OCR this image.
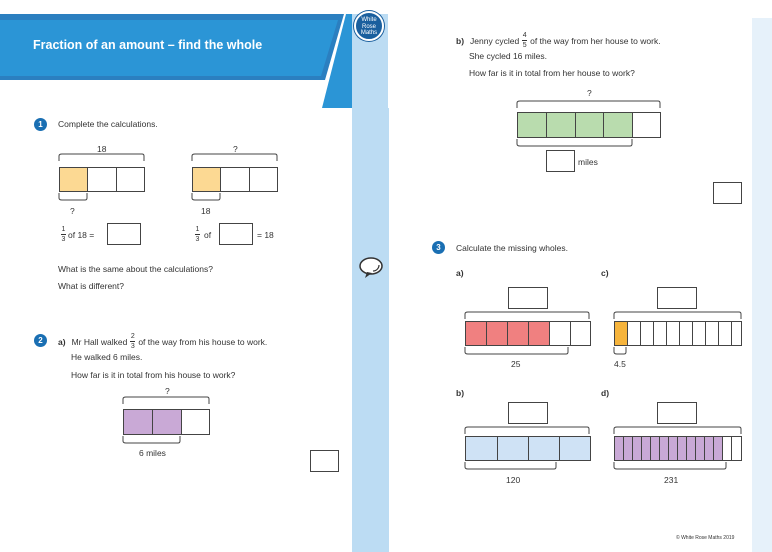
Fraction of an amount – find the whole
White
Rose
Maths
1	Complete the calculations.
18
?
?
18
$\frac{1}{3}$ of 18 =	$\frac{1}{3}$ of	= 18
What is the same about the calculations?
What is different?
2	a) Mr Hall walked $\frac{2}{3}$ of the way from his house to work.
He walked 6 miles.
How far is it in total from his house to work?
?
6 miles
b) Jenny cycled $\frac{4}{5}$ of the way from her house to work.
She cycled 16 miles.
How far is it in total from her house to work?
?
miles
3	Calculate the missing wholes.
a)
25
c)
4.5
b)
120
d)
231
© White Rose Maths 2019
